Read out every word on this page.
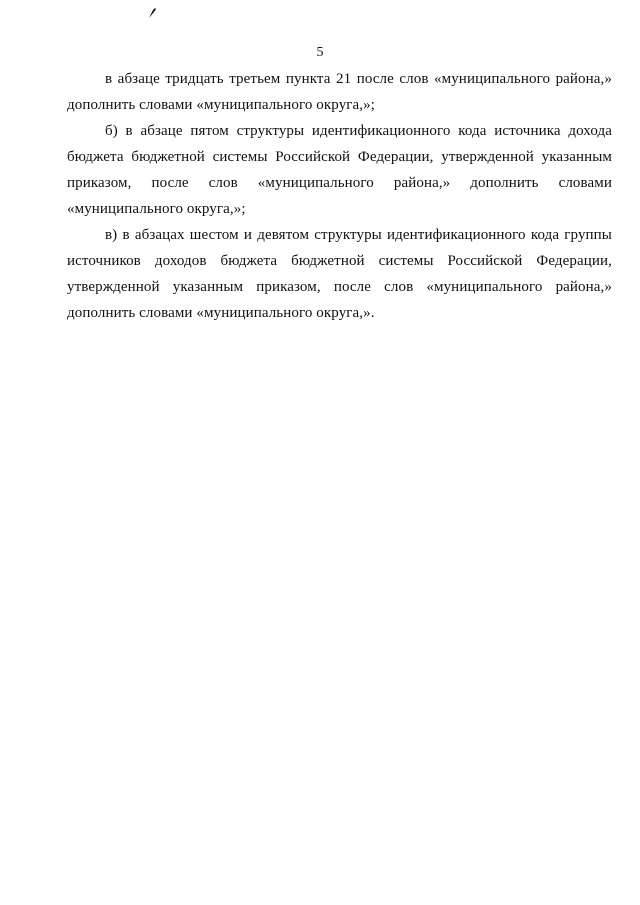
5

в абзаце тридцать третьем пункта 21 после слов «муниципального района,» дополнить словами «муниципального округа,»;

б) в абзаце пятом структуры идентификационного кода источника дохода бюджета бюджетной системы Российской Федерации, утвержденной указанным приказом, после слов «муниципального района,» дополнить словами «муниципального округа,»;

в) в абзацах шестом и девятом структуры идентификационного кода группы источников доходов бюджета бюджетной системы Российской Федерации, утвержденной указанным приказом, после слов «муниципального района,» дополнить словами «муниципального округа,».
